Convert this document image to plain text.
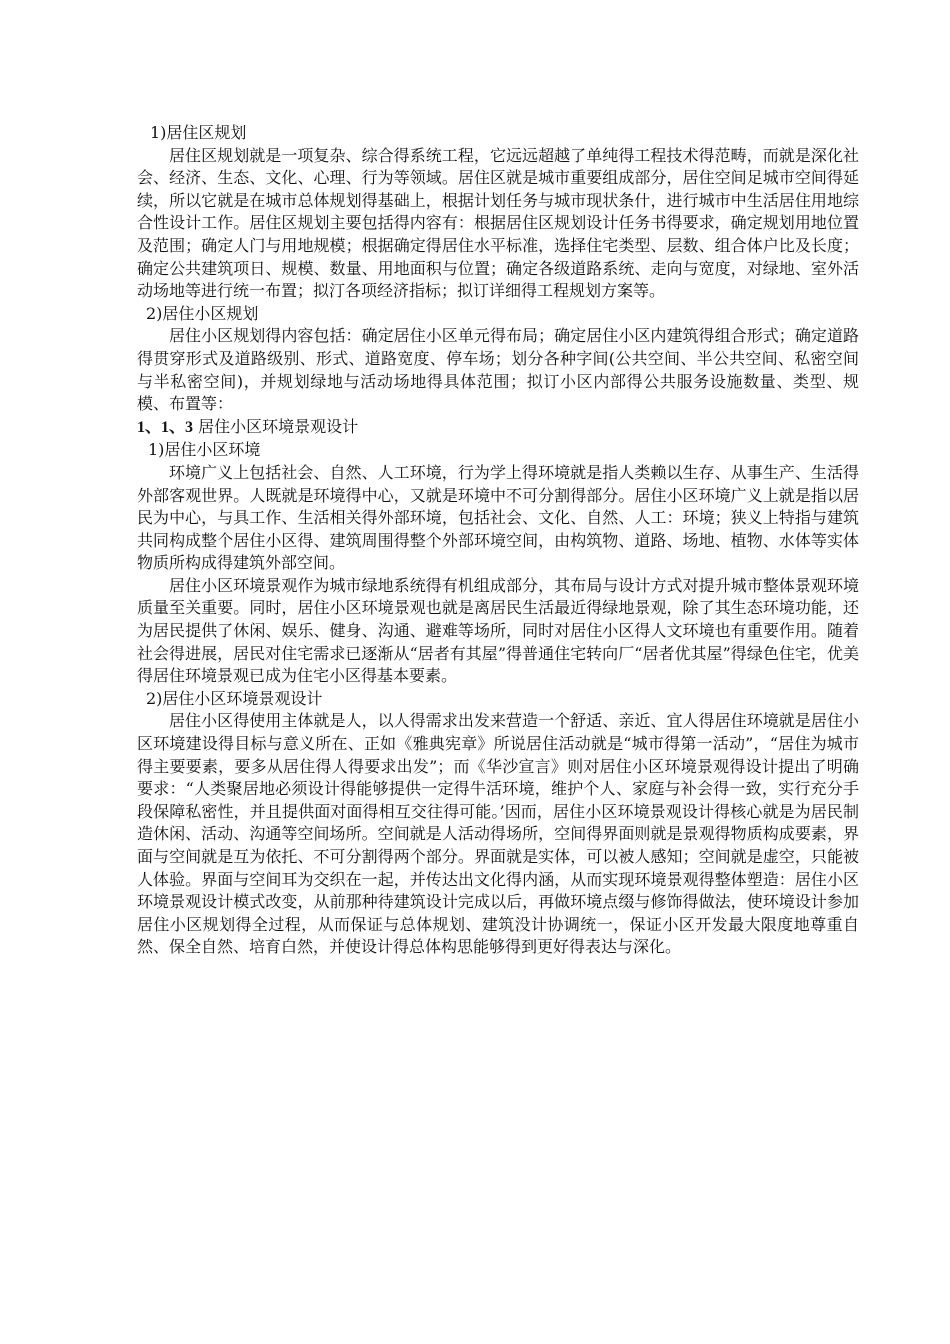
1)居住区规划

居住区规划就是一项复杂、综合得系统工程，它远远超越了单纯得工程技术得范畴，而就是深化社会、经济、生态、文化、心理、行为等领域。居住区就是城市重要组成部分，居住空间足城市空间得延续，所以它就是在城市总体规划得基础上，根据计划任务与城市现状条什，进行城市中生活居住用地综合性设计工作。居住区规划主要包括得内容有：根据居住区规划设计任务书得要求，确定规划用地位置及范围；确定人门与用地规模；根据确定得居住水平标准，选择住宅类型、层数、组合体户比及长度；确定公共建筑项日、规模、数量、用地面积与位置；确定各级道路系统、走向与宽度，对绿地、室外活动场地等进行统一布置；拟汀各项经济指标；拟订详细得工程规划方案等。

2)居住小区规划

居住小区规划得内容包括：确定居住小区单元得布局；确定居住小区内建筑得组合形式；确定道路得贯穿形式及道路级别、形式、道路宽度、停车场；划分各种字间(公共空间、半公共空间、私密空间与半私密空间)，并规划绿地与活动场地得具体范围；拟订小区内部得公共服务设施数量、类型、规模、布置等：

1、1、3 居住小区环境景观设计

1)居住小区环境

环境广义上包括社会、自然、人工环境，行为学上得环境就是指人类赖以生存、从事生产、生活得外部客观世界。人既就是环境得中心，又就是环境中不可分割得部分。居住小区环境广义上就是指以居民为中心，与具工作、生活相关得外部环境，包括社会、文化、自然、人工：环境；狭义上特指与建筑共同构成整个居住小区得、建筑周围得整个外部环境空间，由构筑物、道路、场地、植物、水体等实体物质所构成得建筑外部空间。

居住小区环境景观作为城市绿地系统得有机组成部分，其布局与设计方式对提升城市整体景观环境质量至关重要。同时，居住小区环境景观也就是离居民生活最近得绿地景观，除了其生态环境功能，还为居民提供了休闲、娱乐、健身、沟通、避难等场所，同时对居住小区得人文环境也有重要作用。随着社会得进展，居民对住宅需求已逐渐从“居者有其屋”得普通住宅转向厂“居者优其屋”得绿色住宅，优美得居住环境景观已成为住宅小区得基本要素。

2)居住小区环境景观设计

居住小区得使用主体就是人，以人得需求出发来营造一个舒适、亲近、宜人得居住环境就是居住小区环境建设得目标与意义所在、正如《雅典宪章》所说居住活动就是“城市得第一活动”，“居住为城市得主要要素，要多从居住得人得要求出发”；而《华沙宣言》则对居住小区环境景观得设计提出了明确要求：“人类聚居地必须设计得能够提供一定得牛活环境，维护个人、家庭与补会得一致，实行充分手段保障私密性，并且提供面对面得相互交往得可能。’因而，居住小区环境景观设计得核心就是为居民制造休闲、活动、沟通等空间场所。空间就是人活动得场所，空间得界面则就是景观得物质构成要素，界面与空间就是互为依托、不可分割得两个部分。界面就是实体，可以被人感知；空间就是虚空，只能被人体验。界面与空间耳为交织在一起，并传达出文化得内涵，从而实现环境景观得整体塑造：居住小区环境景观设计模式改变，从前那种待建筑设计完成以后，再做环境点缀与修饰得做法，使环境设计参加居住小区规划得全过程，从而保证与总体规划、建筑没计协调统一，保证小区开发最大限度地尊重自然、保全自然、培育白然，并使设计得总体构思能够得到更好得表达与深化。
